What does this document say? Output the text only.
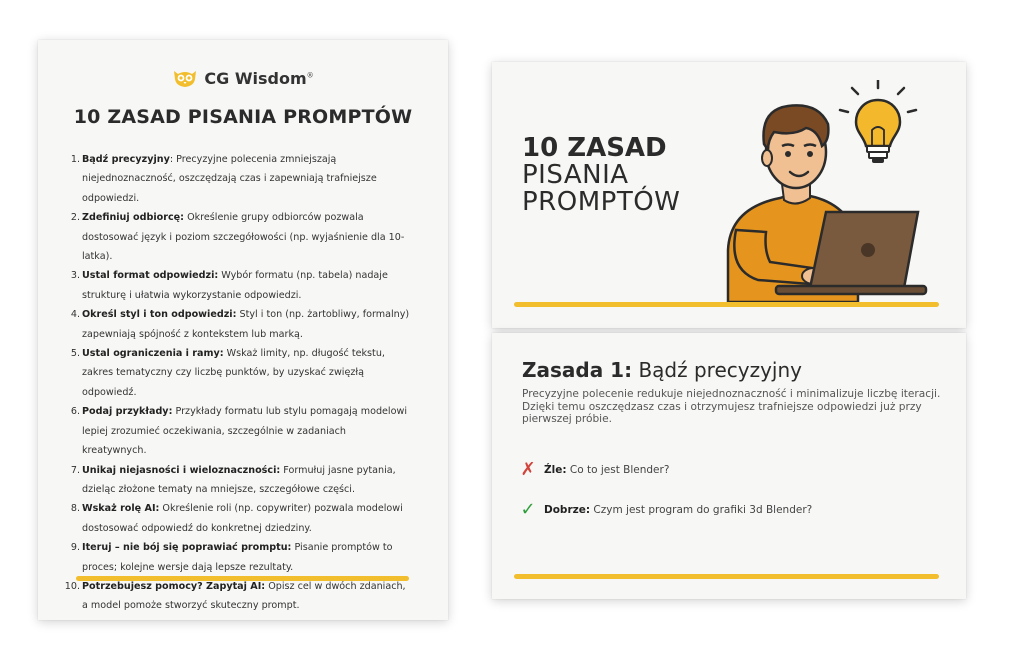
CG Wisdom®
10 ZASAD PISANIA PROMPTÓW
1. Bądź precyzyjny: Precyzyjne polecenia zmniejszają niejednoznaczność, oszczędzają czas i zapewniają trafniejsze odpowiedzi.
2. Zdefiniuj odbiorcę: Określenie grupy odbiorców pozwala dostosować język i poziom szczegółowości (np. wyjaśnienie dla 10-latka).
3. Ustal format odpowiedzi: Wybór formatu (np. tabela) nadaje strukturę i ułatwia wykorzystanie odpowiedzi.
4. Określ styl i ton odpowiedzi: Styl i ton (np. żartobliwy, formalny) zapewniają spójność z kontekstem lub marką.
5. Ustal ograniczenia i ramy: Wskaż limity, np. długość tekstu, zakres tematyczny czy liczbę punktów, by uzyskać zwięzłą odpowiedź.
6. Podaj przykłady: Przykłady formatu lub stylu pomagają modelowi lepiej zrozumieć oczekiwania, szczególnie w zadaniach kreatywnych.
7. Unikaj niejasności i wieloznaczności: Formułuj jasne pytania, dzieląc złożone tematy na mniejsze, szczegółowe części.
8. Wskaż rolę AI: Określenie roli (np. copywriter) pozwala modelowi dostosować odpowiedź do konkretnej dziedziny.
9. Iteruj – nie bój się poprawiać promptu: Pisanie promptów to proces; kolejne wersje dają lepsze rezultaty.
10. Potrzebujesz pomocy? Zapytaj AI: Opisz cel w dwóch zdaniach, a model pomoże stworzyć skuteczny prompt.
10 ZASAD
PISANIA
PROMPTÓW
Zasada 1: Bądź precyzyjny
Precyzyjne polecenie redukuje niejednoznaczność i minimalizuje liczbę iteracji. Dzięki temu oszczędzasz czas i otrzymujesz trafniejsze odpowiedzi już przy pierwszej próbie.
✗ Źle: Co to jest Blender?
✓ Dobrze: Czym jest program do grafiki 3d Blender?
